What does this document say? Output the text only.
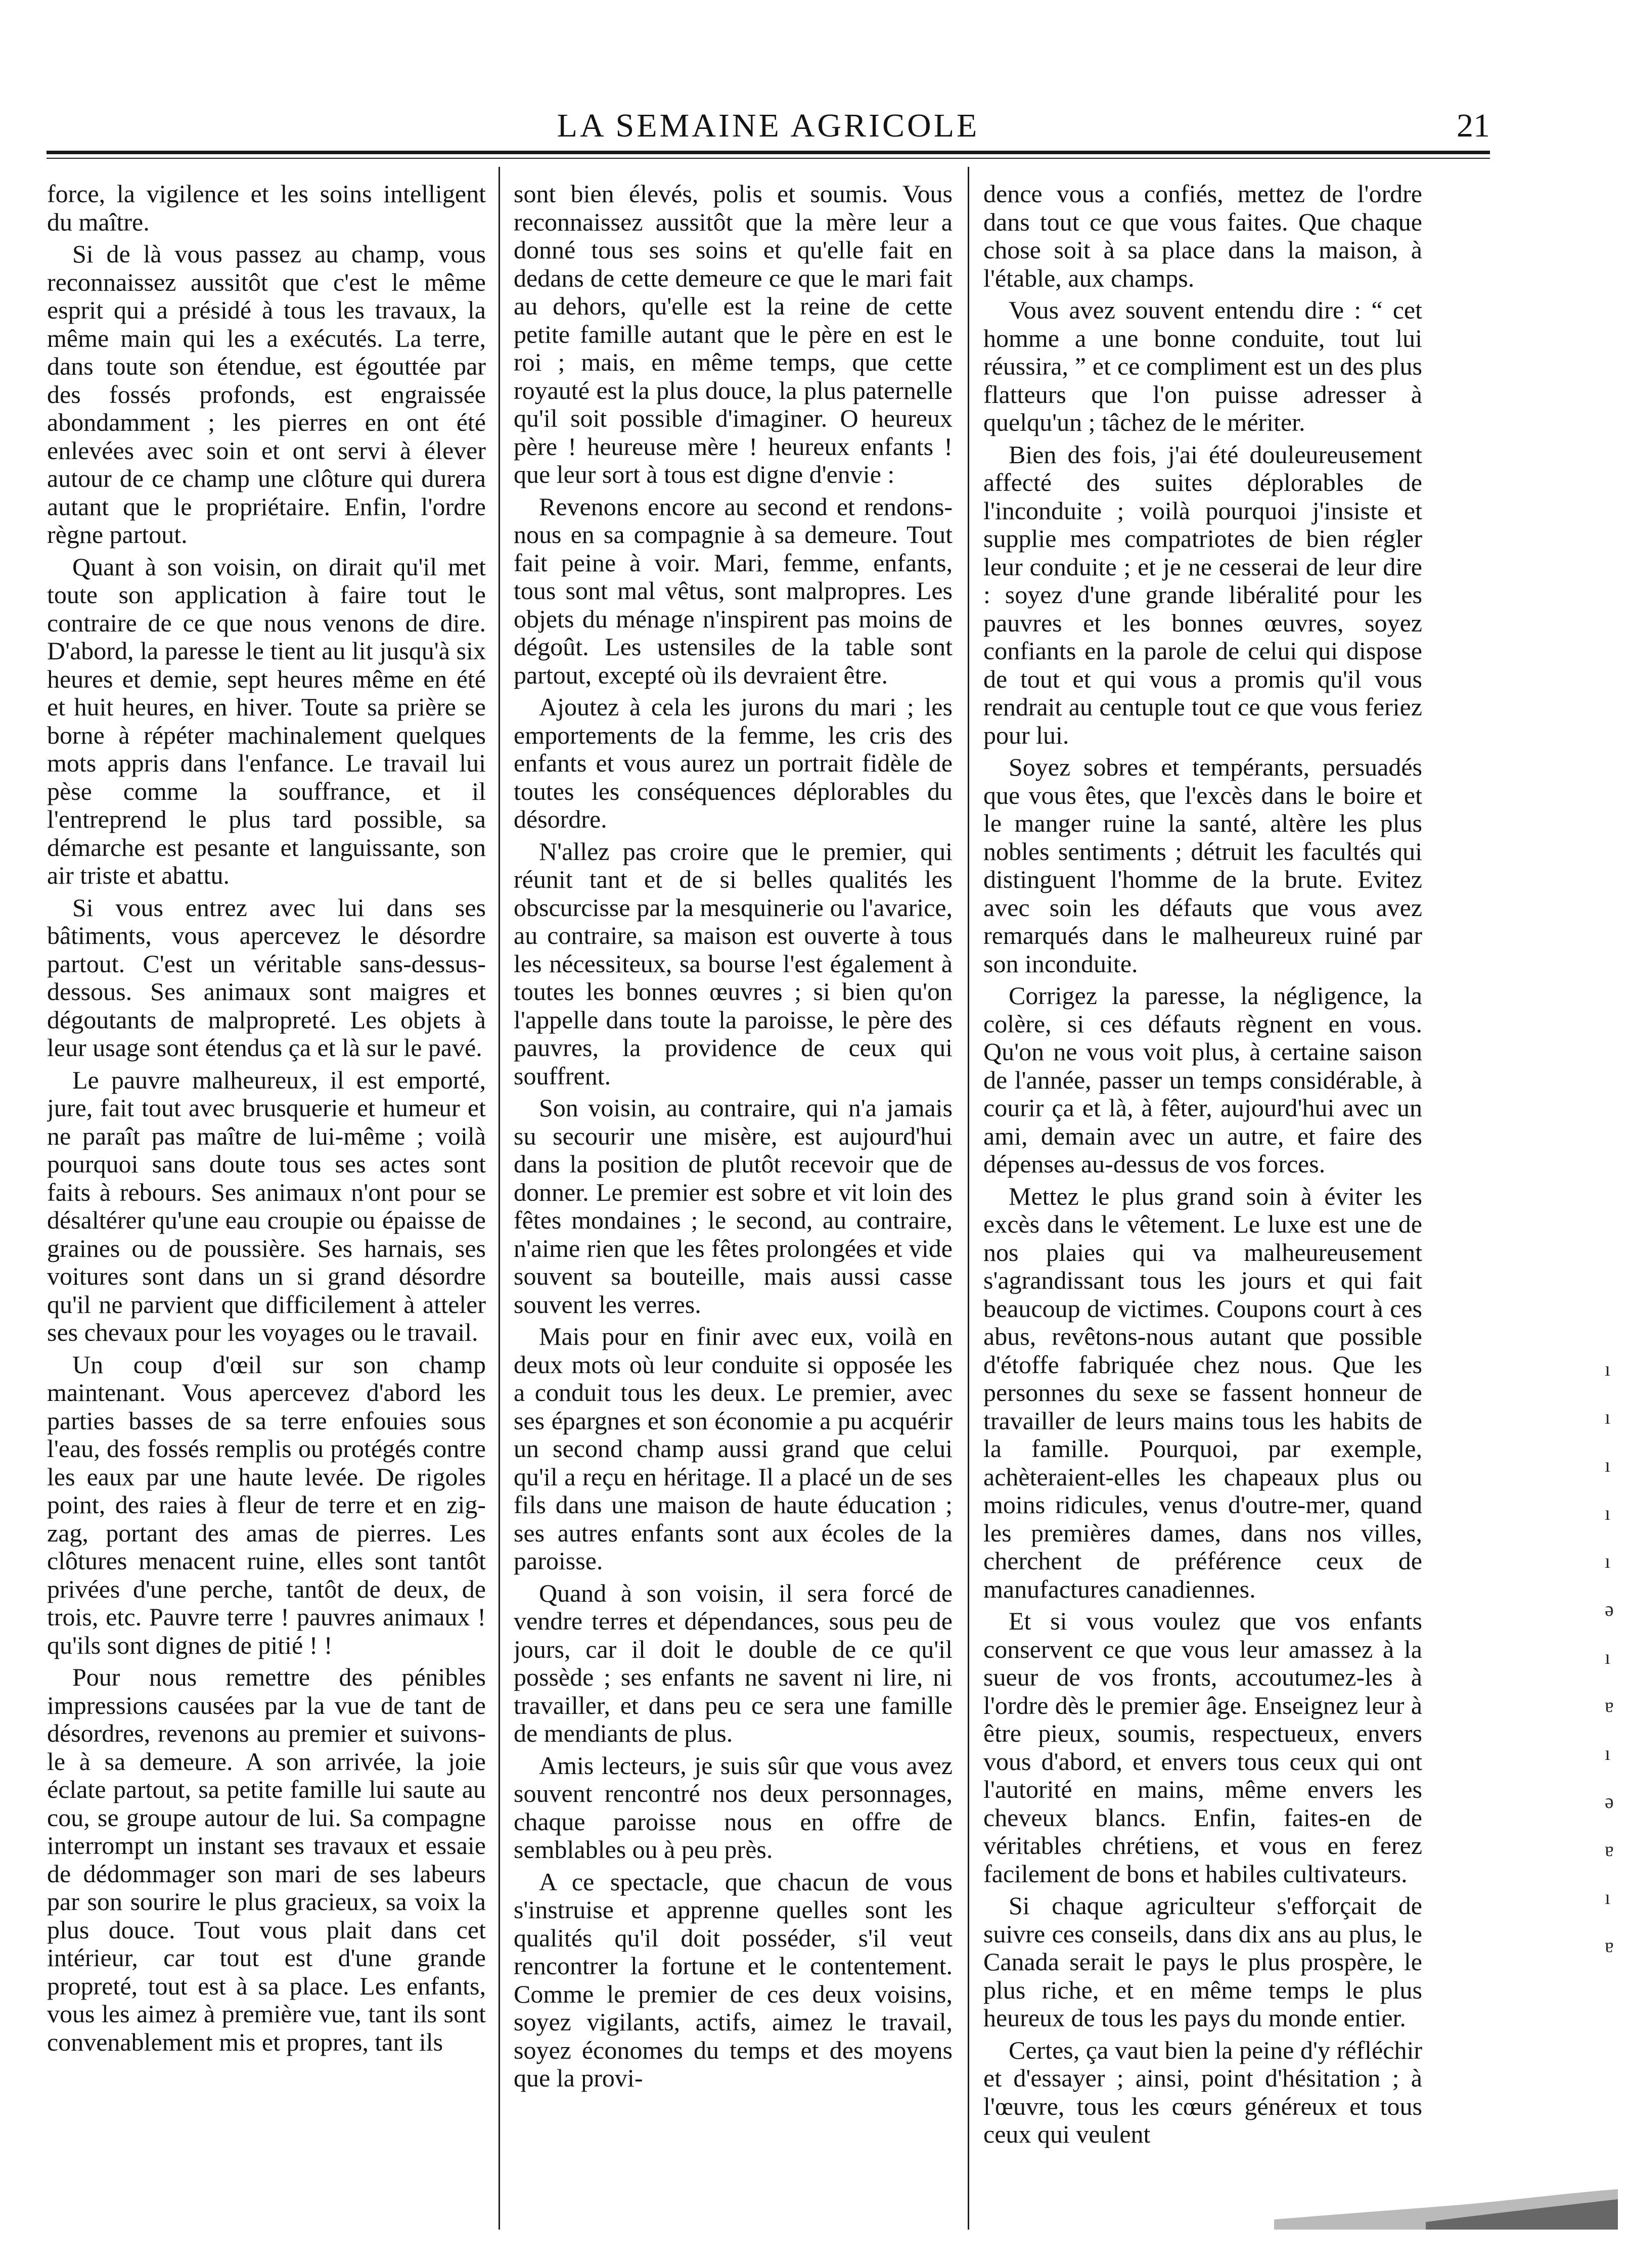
LA SEMAINE AGRICOLE	21

force, la vigilence et les soins intelligent du maître.

Si de là vous passez au champ, vous reconnaissez aussitôt que c'est le même esprit qui a présidé à tous les travaux, la même main qui les a exécutés. La terre, dans toute son étendue, est égouttée par des fossés profonds, est engraissée abondamment ; les pierres en ont été enlevées avec soin et ont servi à élever autour de ce champ une clôture qui durera autant que le propriétaire. Enfin, l'ordre règne partout.

Quant à son voisin, on dirait qu'il met toute son application à faire tout le contraire de ce que nous venons de dire. D'abord, la paresse le tient au lit jusqu'à six heures et demie, sept heures même en été et huit heures, en hiver. Toute sa prière se borne à répéter machinalement quelques mots appris dans l'enfance. Le travail lui pèse comme la souffrance, et il l'entreprend le plus tard possible, sa démarche est pesante et languissante, son air triste et abattu.

Si vous entrez avec lui dans ses bâtiments, vous apercevez le désordre partout. C'est un véritable sans-dessus-dessous. Ses animaux sont maigres et dégoutants de malpropreté. Les objets à leur usage sont étendus ça et là sur le pavé.

Le pauvre malheureux, il est emporté, jure, fait tout avec brusquerie et humeur et ne paraît pas maître de lui-même ; voilà pourquoi sans doute tous ses actes sont faits à rebours. Ses animaux n'ont pour se désaltérer qu'une eau croupie ou épaisse de graines ou de poussière. Ses harnais, ses voitures sont dans un si grand désordre qu'il ne parvient que difficilement à atteler ses chevaux pour les voyages ou le travail.

Un coup d'œil sur son champ maintenant. Vous apercevez d'abord les parties basses de sa terre enfouies sous l'eau, des fossés remplis ou protégés contre les eaux par une haute levée. De rigoles point, des raies à fleur de terre et en zig-zag, portant des amas de pierres. Les clôtures menacent ruine, elles sont tantôt privées d'une perche, tantôt de deux, de trois, etc. Pauvre terre ! pauvres animaux ! qu'ils sont dignes de pitié ! !

Pour nous remettre des pénibles impressions causées par la vue de tant de désordres, revenons au premier et suivons-le à sa demeure. A son arrivée, la joie éclate partout, sa petite famille lui saute au cou, se groupe autour de lui. Sa compagne interrompt un instant ses travaux et essaie de dédommager son mari de ses labeurs par son sourire le plus gracieux, sa voix la plus douce. Tout vous plait dans cet intérieur, car tout est d'une grande propreté, tout est à sa place. Les enfants, vous les aimez à première vue, tant ils sont convenablement mis et propres, tant ils

sont bien élevés, polis et soumis. Vous reconnaissez aussitôt que la mère leur a donné tous ses soins et qu'elle fait en dedans de cette demeure ce que le mari fait au dehors, qu'elle est la reine de cette petite famille autant que le père en est le roi ; mais, en même temps, que cette royauté est la plus douce, la plus paternelle qu'il soit possible d'imaginer. O heureux père ! heureuse mère ! heureux enfants ! que leur sort à tous est digne d'envie :

Revenons encore au second et rendons-nous en sa compagnie à sa demeure. Tout fait peine à voir. Mari, femme, enfants, tous sont mal vêtus, sont malpropres. Les objets du ménage n'inspirent pas moins de dégoût. Les ustensiles de la table sont partout, excepté où ils devraient être.

Ajoutez à cela les jurons du mari ; les emportements de la femme, les cris des enfants et vous aurez un portrait fidèle de toutes les conséquences déplorables du désordre.

N'allez pas croire que le premier, qui réunit tant et de si belles qualités les obscurcisse par la mesquinerie ou l'avarice, au contraire, sa maison est ouverte à tous les nécessiteux, sa bourse l'est également à toutes les bonnes œuvres ; si bien qu'on l'appelle dans toute la paroisse, le père des pauvres, la providence de ceux qui souffrent.

Son voisin, au contraire, qui n'a jamais su secourir une misère, est aujourd'hui dans la position de plutôt recevoir que de donner. Le premier est sobre et vit loin des fêtes mondaines ; le second, au contraire, n'aime rien que les fêtes prolongées et vide souvent sa bouteille, mais aussi casse souvent les verres.

Mais pour en finir avec eux, voilà en deux mots où leur conduite si opposée les a conduit tous les deux. Le premier, avec ses épargnes et son économie a pu acquérir un second champ aussi grand que celui qu'il a reçu en héritage. Il a placé un de ses fils dans une maison de haute éducation ; ses autres enfants sont aux écoles de la paroisse.

Quand à son voisin, il sera forcé de vendre terres et dépendances, sous peu de jours, car il doit le double de ce qu'il possède ; ses enfants ne savent ni lire, ni travailler, et dans peu ce sera une famille de mendiants de plus.

Amis lecteurs, je suis sûr que vous avez souvent rencontré nos deux personnages, chaque paroisse nous en offre de semblables ou à peu près.

A ce spectacle, que chacun de vous s'instruise et apprenne quelles sont les qualités qu'il doit posséder, s'il veut rencontrer la fortune et le contentement. Comme le premier de ces deux voisins, soyez vigilants, actifs, aimez le travail, soyez économes du temps et des moyens que la provi-

dence vous a confiés, mettez de l'ordre dans tout ce que vous faites. Que chaque chose soit à sa place dans la maison, à l'étable, aux champs.

Vous avez souvent entendu dire : “ cet homme a une bonne conduite, tout lui réussira, ” et ce compliment est un des plus flatteurs que l'on puisse adresser à quelqu'un ; tâchez de le mériter.

Bien des fois, j'ai été douleureusement affecté des suites déplorables de l'inconduite ; voilà pourquoi j'insiste et supplie mes compatriotes de bien régler leur conduite ; et je ne cesserai de leur dire : soyez d'une grande libéralité pour les pauvres et les bonnes œuvres, soyez confiants en la parole de celui qui dispose de tout et qui vous a promis qu'il vous rendrait au centuple tout ce que vous feriez pour lui.

Soyez sobres et tempérants, persuadés que vous êtes, que l'excès dans le boire et le manger ruine la santé, altère les plus nobles sentiments ; détruit les facultés qui distinguent l'homme de la brute. Evitez avec soin les défauts que vous avez remarqués dans le malheureux ruiné par son inconduite.

Corrigez la paresse, la négligence, la colère, si ces défauts règnent en vous. Qu'on ne vous voit plus, à certaine saison de l'année, passer un temps considérable, à courir ça et là, à fêter, aujourd'hui avec un ami, demain avec un autre, et faire des dépenses au-dessus de vos forces.

Mettez le plus grand soin à éviter les excès dans le vêtement. Le luxe est une de nos plaies qui va malheureusement s'agrandissant tous les jours et qui fait beaucoup de victimes. Coupons court à ces abus, revêtons-nous autant que possible d'étoffe fabriquée chez nous. Que les personnes du sexe se fassent honneur de travailler de leurs mains tous les habits de la famille. Pourquoi, par exemple, achèteraient-elles les chapeaux plus ou moins ridicules, venus d'outre-mer, quand les premières dames, dans nos villes, cherchent de préférence ceux de manufactures canadiennes.

Et si vous voulez que vos enfants conservent ce que vous leur amassez à la sueur de vos fronts, accoutumez-les à l'ordre dès le premier âge. Enseignez leur à être pieux, soumis, respectueux, envers vous d'abord, et envers tous ceux qui ont l'autorité en mains, même envers les cheveux blancs. Enfin, faites-en de véritables chrétiens, et vous en ferez facilement de bons et habiles cultivateurs.

Si chaque agriculteur s'efforçait de suivre ces conseils, dans dix ans au plus, le Canada serait le pays le plus prospère, le plus riche, et en même temps le plus heureux de tous les pays du monde entier.

Certes, ça vaut bien la peine d'y réfléchir et d'essayer ; ainsi, point d'hésitation ; à l'œuvre, tous les cœurs généreux et tous ceux qui veulent

ı
ı
ı
ı
ı
ǝ
ı
ɐ
ı
ǝ
ɐ
ı
ɐ
